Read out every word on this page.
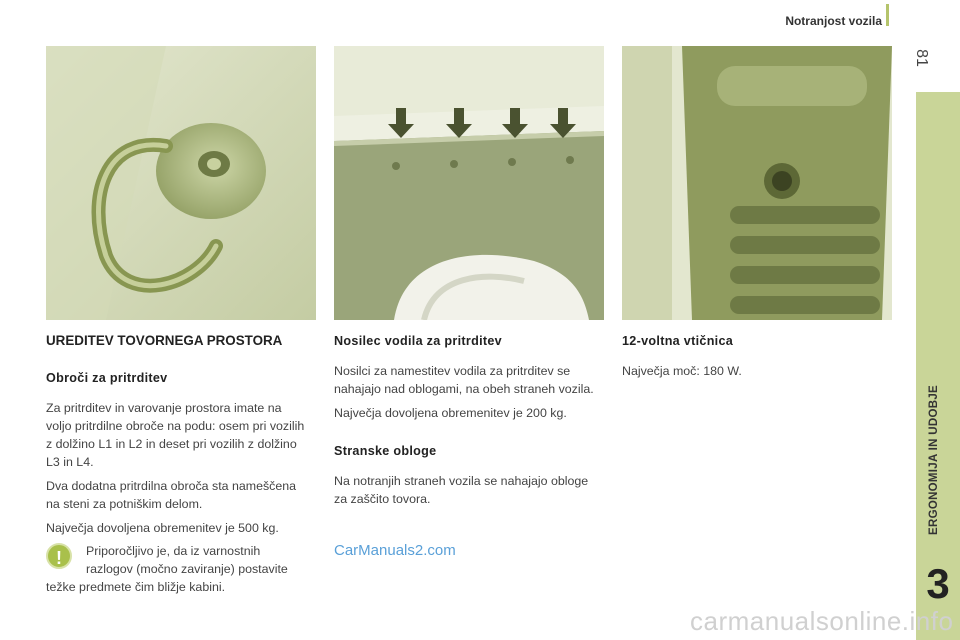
Notranjost vozila
81
ERGONOMIJA IN UDOBJE
3
UREDITEV TOVORNEGA PROSTORA
Obroči za pritrditev

Za pritrditev in varovanje prostora imate na voljo pritrdilne obroče na podu: osem pri vozilih z dolžino L1 in L2 in deset pri vozilih z dolžino L3 in L4.

Dva dodatna pritrdilna obroča sta nameščena na steni za potniškim delom.

Največja dovoljena obremenitev je 500 kg.

!	Priporočljivo je, da iz varnostnih razlogov (močno zaviranje) postavite težke predmete čim bližje kabini.
Nosilec vodila za pritrditev

Nosilci za namestitev vodila za pritrditev se nahajajo nad oblogami, na obeh straneh vozila.

Največja dovoljena obremenitev je 200 kg.

Stranske obloge

Na notranjih straneh vozila se nahajajo obloge za zaščito tovora.

12-voltna vtičnica

Največja moč: 180 W.

CarManuals2.com
carmanualsonline.info
